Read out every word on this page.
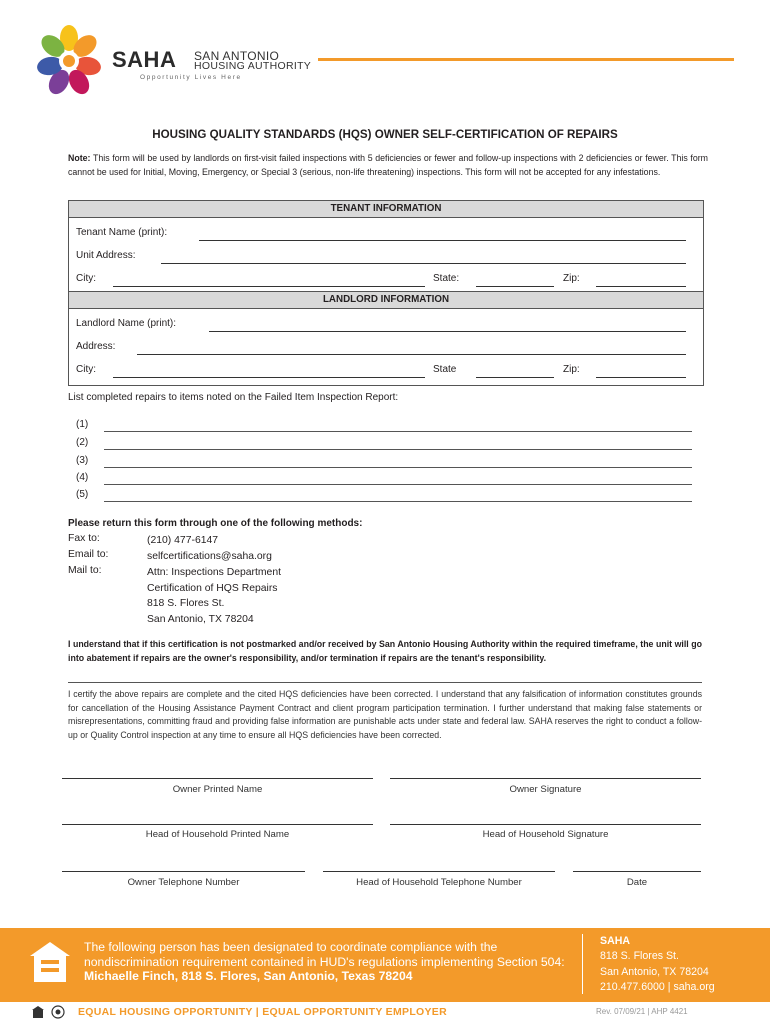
SAHA SAN ANTONIO
HOUSING AUTHORITY
Opportunity Lives Here
HOUSING QUALITY STANDARDS (HQS) OWNER SELF-CERTIFICATION OF REPAIRS
Note: This form will be used by landlords on first-visit failed inspections with 5 deficiencies or fewer and follow-up inspections with 2 deficiencies or fewer. This form cannot be used for Initial, Moving, Emergency, or Special 3 (serious, non-life threatening) inspections. This form will not be accepted for any infestations.
TENANT INFORMATION
Tenant Name (print):
Unit Address:
City:	State:	Zip:
LANDLORD INFORMATION
Landlord Name (print):
Address:
City:	State	Zip:
List completed repairs to items noted on the Failed Item Inspection Report:
(1)
(2)
(3)
(4)
(5)
Please return this form through one of the following methods:
Fax to:	(210) 477-6147
Email to:	selfcertifications@saha.org
Mail to:	Attn: Inspections Department
Certification of HQS Repairs
818 S. Flores St.
San Antonio, TX 78204
I understand that if this certification is not postmarked and/or received by San Antonio Housing Authority within the required timeframe, the unit will go into abatement if repairs are the owner's responsibility, and/or termination if repairs are the tenant's responsibility.
I certify the above repairs are complete and the cited HQS deficiencies have been corrected. I understand that any falsification of information constitutes grounds for cancellation of the Housing Assistance Payment Contract and client program participation termination. I further understand that making false statements or misrepresentations, committing fraud and providing false information are punishable acts under state and federal law. SAHA reserves the right to conduct a follow-up or Quality Control inspection at any time to ensure all HQS deficiencies have been corrected.
Owner Printed Name	Owner Signature
Head of Household Printed Name	Head of Household Signature
Owner Telephone Number	Head of Household Telephone Number	Date
The following person has been designated to coordinate compliance with the nondiscrimination requirement contained in HUD's regulations implementing Section 504: Michaelle Finch, 818 S. Flores, San Antonio, Texas 78204
SAHA
818 S. Flores St.
San Antonio, TX 78204
210.477.6000 | saha.org
EQUAL HOUSING OPPORTUNITY | EQUAL OPPORTUNITY EMPLOYER	Rev. 07/09/21 | AHP 4421
